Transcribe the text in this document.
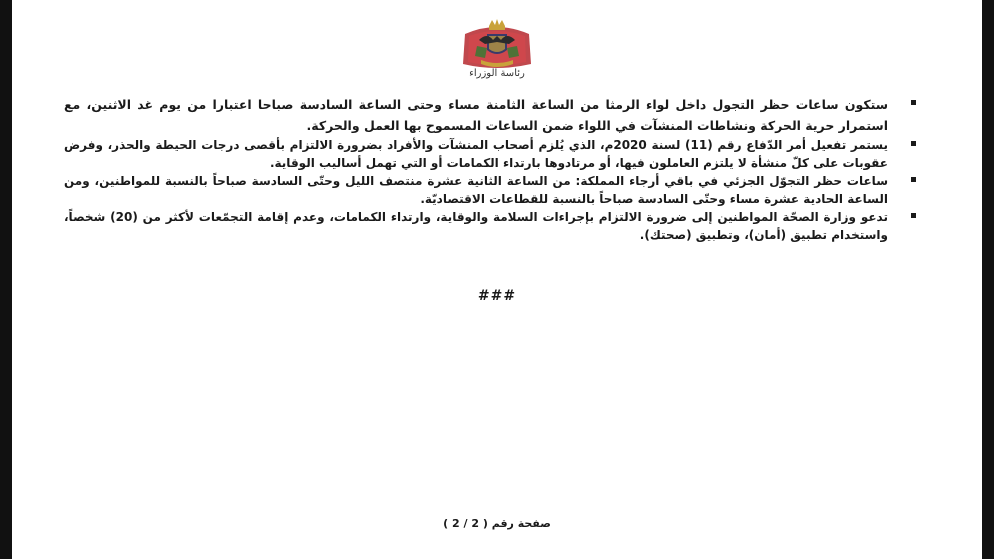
رئاسة الوزراء
ستكون ساعات حظر التجول داخل لواء الرمثا من الساعة الثامنة مساء وحتى الساعة السادسة صباحا اعتبارا من يوم غد الاثنين، مع استمرار حرية الحركة ونشاطات المنشآت في اللواء ضمن الساعات المسموح بها العمل والحركة.
يستمر تفعيل أمر الدّفاع رقم (11) لسنة 2020م، الذي يُلزم أصحاب المنشآت والأفراد بضرورة الالتزام بأقصى درجات الحيطة والحذر، وفرض عقوبات على كلّ منشأة لا يلتزم العاملون فيها، أو مرتادوها بارتداء الكمامات أو التي تهمل أساليب الوقاية.
ساعات حظر التجوّل الجزئي في باقي أرجاء المملكة: من الساعة الثانية عشرة منتصف الليل وحتّى السادسة صباحاً بالنسبة للمواطنين، ومن الساعة الحادية عشرة مساء وحتّى السادسة صباحاً بالنسبة للقطاعات الاقتصاديّة.
تدعو وزارة الصحّة المواطنين إلى ضرورة الالتزام بإجراءات السلامة والوقاية، وارتداء الكمامات، وعدم إقامة التجمّعات لأكثر من (20) شخصاً، واستخدام تطبيق (أمان)، وتطبيق (صحتك).
###
صفحة رقم ( 2 / 2 )
